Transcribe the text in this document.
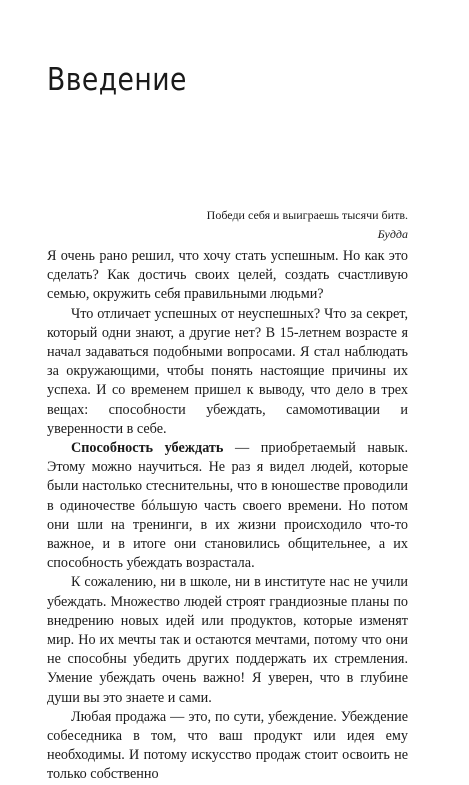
Введение
Победи себя и выиграешь тысячи битв.
Будда

Я очень рано решил, что хочу стать успешным. Но как это сделать? Как достичь своих целей, создать счастливую семью, окружить себя правильными людьми?

Что отличает успешных от неуспешных? Что за секрет, который одни знают, а другие нет? В 15-летнем возрасте я начал задаваться подобными вопросами. Я стал наблюдать за окружающими, чтобы понять настоящие причины их успеха. И со временем пришел к выводу, что дело в трех вещах: способности убеждать, самомотивации и уверенности в себе.

Способность убеждать — приобретаемый навык. Этому можно научиться. Не раз я видел людей, которые были настолько стеснительны, что в юношестве проводили в одиночестве бóльшую часть своего времени. Но потом они шли на тренинги, в их жизни происходило что-то важное, и в итоге они становились общительнее, а их способность убеждать возрастала.

К сожалению, ни в школе, ни в институте нас не учили убеждать. Множество людей строят грандиозные планы по внедрению новых идей или продуктов, которые изменят мир. Но их мечты так и остаются мечтами, потому что они не способны убедить других поддержать их стремления. Умение убеждать очень важно! Я уверен, что в глубине души вы это знаете и сами.

Любая продажа — это, по сути, убеждение. Убеждение собеседника в том, что ваш продукт или идея ему необходимы. И потому искусство продаж стоит освоить не только собственно
